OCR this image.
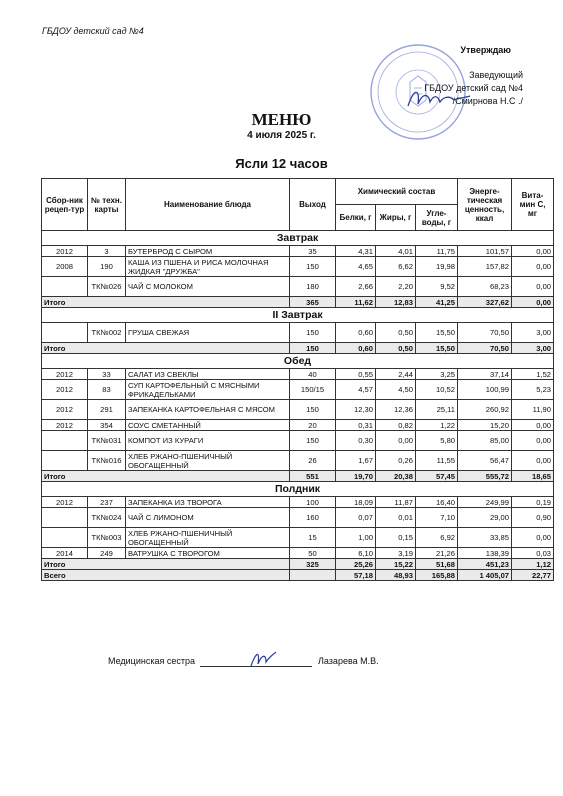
ГБДОУ детский сад №4
Утверждаю
Заведующий
ГБДОУ детский сад №4
/Смирнова Н.С ./
МЕНЮ
4 июля 2025 г.
Ясли 12 часов
Сбор-ник рецеп-тур	№ техн. карты	Наименование блюда	Выход	Химический состав			Энерге-тическая ценность, ккал	Вита-мин С, мг
				Белки, г	Жиры, г	Угле-воды, г		
Завтрак								
2012	3	БУТЕРБРОД С СЫРОМ	35	4,31	4,01	11,75	101,57	0,00
2008	190	КАША ИЗ ПШЕНА И РИСА МОЛОЧНАЯ ЖИДКАЯ "ДРУЖБА"	150	4,65	6,62	19,98	157,82	0,00
	ТК№026	ЧАЙ С МОЛОКОМ	180	2,66	2,20	9,52	68,23	0,00
Итого			365	11,62	12,83	41,25	327,62	0,00
II Завтрак								
	ТК№002	ГРУША СВЕЖАЯ	150	0,60	0,50	15,50	70,50	3,00
Итого			150	0,60	0,50	15,50	70,50	3,00
Обед								
2012	33	САЛАТ ИЗ СВЕКЛЫ	40	0,55	2,44	3,25	37,14	1,52
2012	83	СУП КАРТОФЕЛЬНЫЙ С МЯСНЫМИ ФРИКАДЕЛЬКАМИ	150/15	4,57	4,50	10,52	100,99	5,23
2012	291	ЗАПЕКАНКА КАРТОФЕЛЬНАЯ С МЯСОМ	150	12,30	12,36	25,11	260,92	11,90
2012	354	СОУС СМЕТАННЫЙ	20	0,31	0,82	1,22	15,20	0,00
	ТК№031	КОМПОТ ИЗ КУРАГИ	150	0,30	0,00	5,80	85,00	0,00
	ТК№016	ХЛЕБ РЖАНО-ПШЕНИЧНЫЙ ОБОГАЩЕННЫЙ	26	1,67	0,26	11,55	56,47	0,00
Итого			551	19,70	20,38	57,45	555,72	18,65
Полдник								
2012	237	ЗАПЕКАНКА ИЗ ТВОРОГА	100	18,09	11,87	16,40	249,99	0,19
	ТК№024	ЧАЙ С ЛИМОНОМ	160	0,07	0,01	7,10	29,00	0,90
	ТК№003	ХЛЕБ РЖАНО-ПШЕНИЧНЫЙ ОБОГАЩЕННЫЙ	15	1,00	0,15	6,92	33,85	0,00
2014	249	ВАТРУШКА С ТВОРОГОМ	50	6,10	3,19	21,26	138,39	0,03
Итого			325	25,26	15,22	51,68	451,23	1,12
Всего				57,18	48,93	165,88	1 405,07	22,77
Медицинская сестра	Лазарева М.В.
